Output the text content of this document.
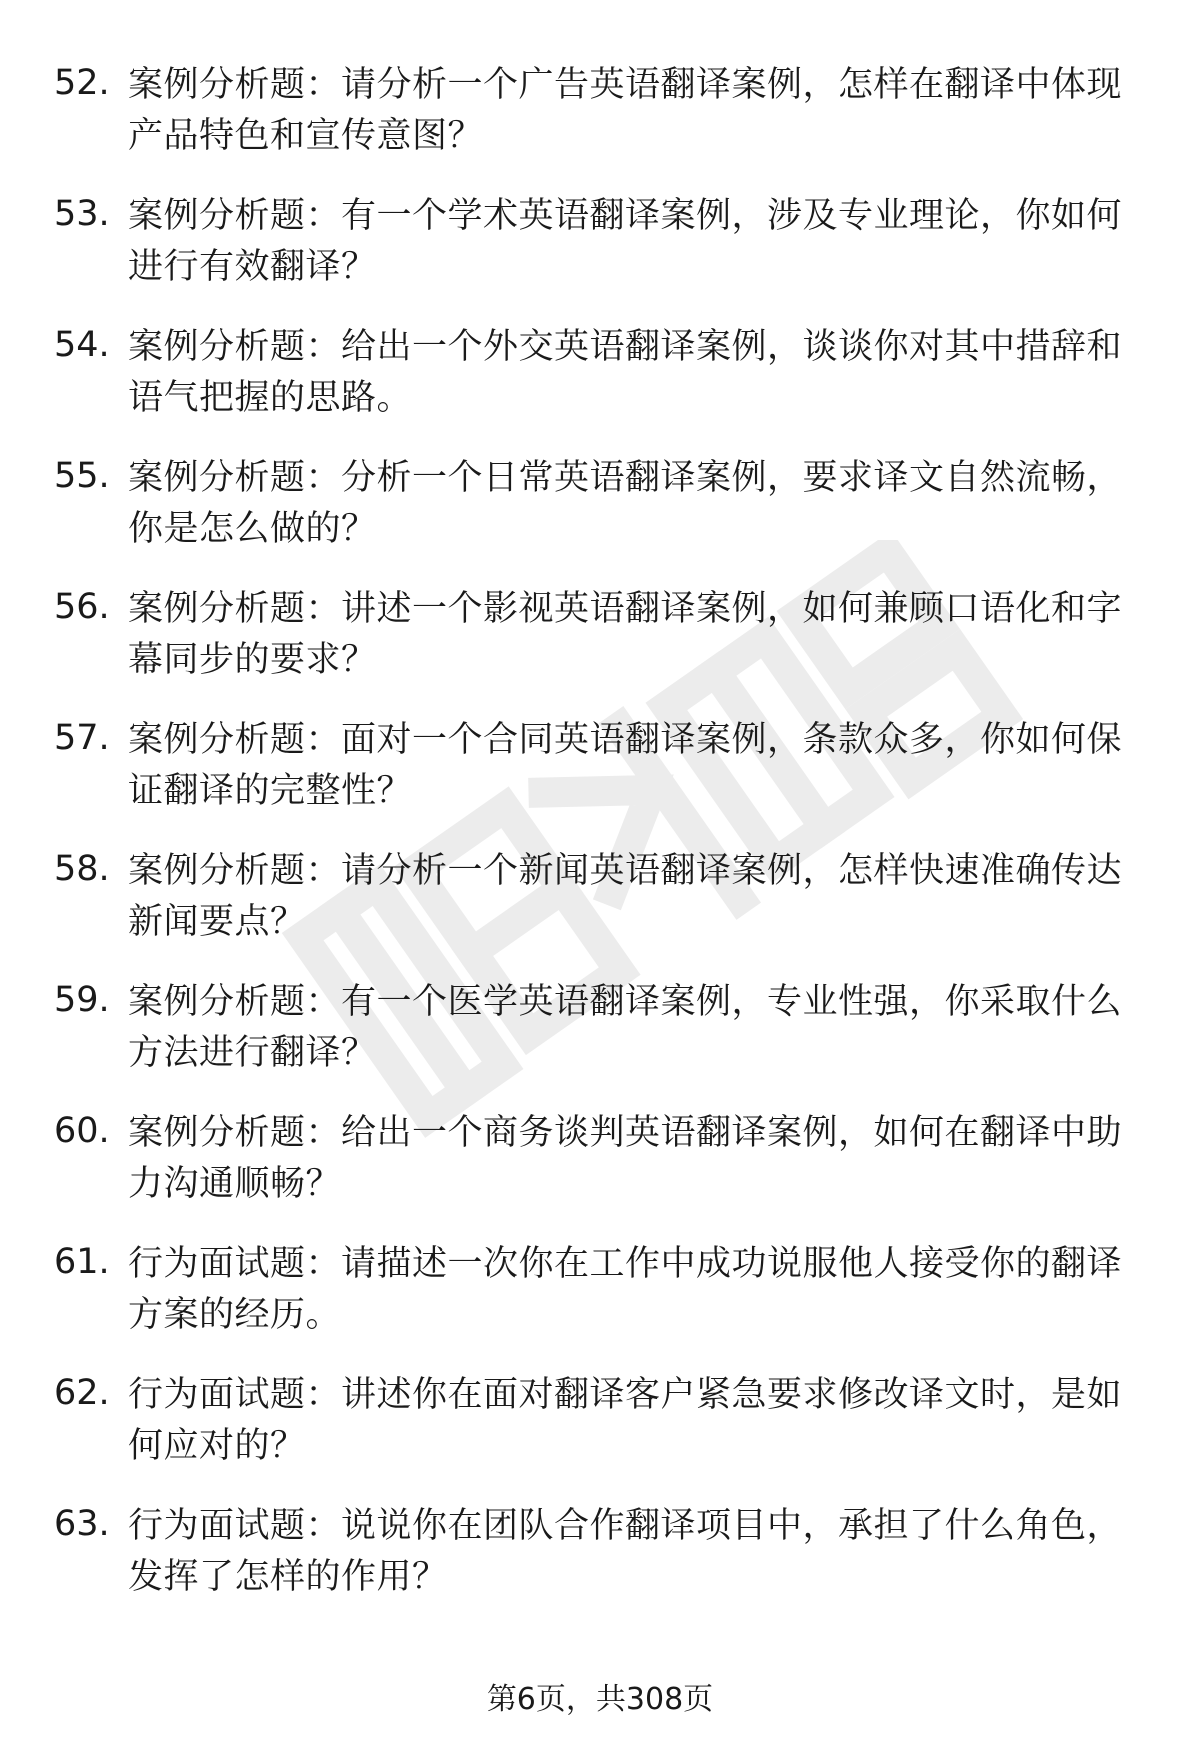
52. 案例分析题：请分析一个广告英语翻译案例，怎样在翻译中体现产品特色和宣传意图？
53. 案例分析题：有一个学术英语翻译案例，涉及专业理论，你如何进行有效翻译？
54. 案例分析题：给出一个外交英语翻译案例，谈谈你对其中措辞和语气把握的思路。
55. 案例分析题：分析一个日常英语翻译案例，要求译文自然流畅，你是怎么做的？
56. 案例分析题：讲述一个影视英语翻译案例，如何兼顾口语化和字幕同步的要求？
57. 案例分析题：面对一个合同英语翻译案例，条款众多，你如何保证翻译的完整性？
58. 案例分析题：请分析一个新闻英语翻译案例，怎样快速准确传达新闻要点？
59. 案例分析题：有一个医学英语翻译案例，专业性强，你采取什么方法进行翻译？
60. 案例分析题：给出一个商务谈判英语翻译案例，如何在翻译中助力沟通顺畅？
61. 行为面试题：请描述一次你在工作中成功说服他人接受你的翻译方案的经历。
62. 行为面试题：讲述你在面对翻译客户紧急要求修改译文时，是如何应对的？
63. 行为面试题：说说你在团队合作翻译项目中，承担了什么角色，发挥了怎样的作用？
第6页，共308页
